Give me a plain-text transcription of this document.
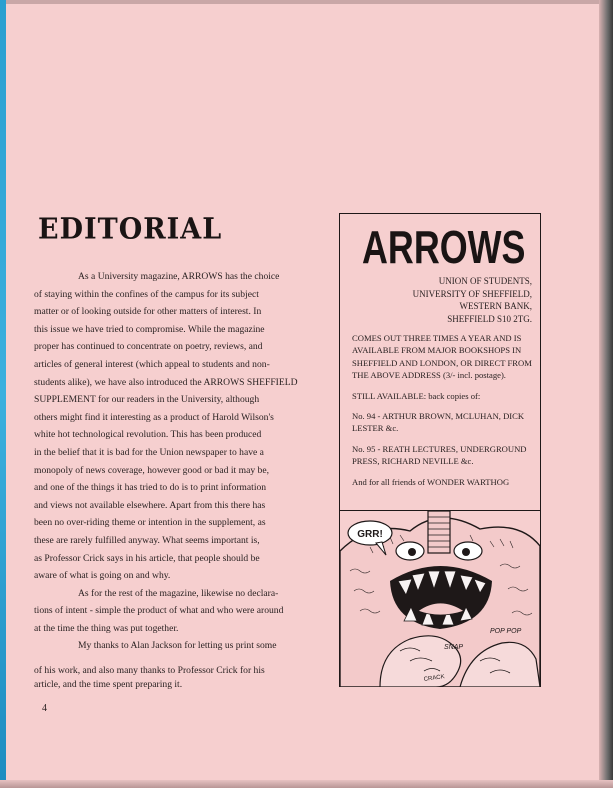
EDITORIAL
As a University magazine, ARROWS has the choice
of staying within the confines of the campus for its subject
matter or of looking outside for other matters of interest. In
this issue we have tried to compromise. While the magazine
proper has continued to concentrate on poetry, reviews, and
articles of general interest (which appeal to students and non-
students alike), we have also introduced the ARROWS SHEFFIELD
SUPPLEMENT for our readers in the University, although
others might find it interesting as a product of Harold Wilson's
white hot technological revolution. This has been produced
in the belief that it is bad for the Union newspaper to have a
monopoly of news coverage, however good or bad it may be,
and one of the things it has tried to do is to print information
and views not available elsewhere. Apart from this there has
been no over-riding theme or intention in the supplement, as
these are rarely fulfilled anyway. What seems important is,
as Professor Crick says in his article, that people should be
aware of what is going on and why.
As for the rest of the magazine, likewise no declara-
tions of intent - simple the product of what and who were around
at the time the thing was put together.
My thanks to Alan Jackson for letting us print some
of his work, and also many thanks to Professor Crick for his
article, and the time spent preparing it.
4
ARROWS
UNION OF STUDENTS,
UNIVERSITY OF SHEFFIELD,
WESTERN BANK,
SHEFFIELD S10 2TG.

COMES OUT THREE TIMES A YEAR AND IS AVAILABLE FROM MAJOR BOOKSHOPS IN SHEFFIELD AND LONDON, OR DIRECT FROM THE ABOVE ADDRESS (3/- incl. postage).

STILL AVAILABLE: back copies of:

No. 94 - ARTHUR BROWN, MCLUHAN, DICK LESTER &c.

No. 95 - REATH LECTURES, UNDERGROUND PRESS, RICHARD NEVILLE &c.

And for all friends of WONDER WARTHOG

GRR!
POP POP
SNAP
CRACK
